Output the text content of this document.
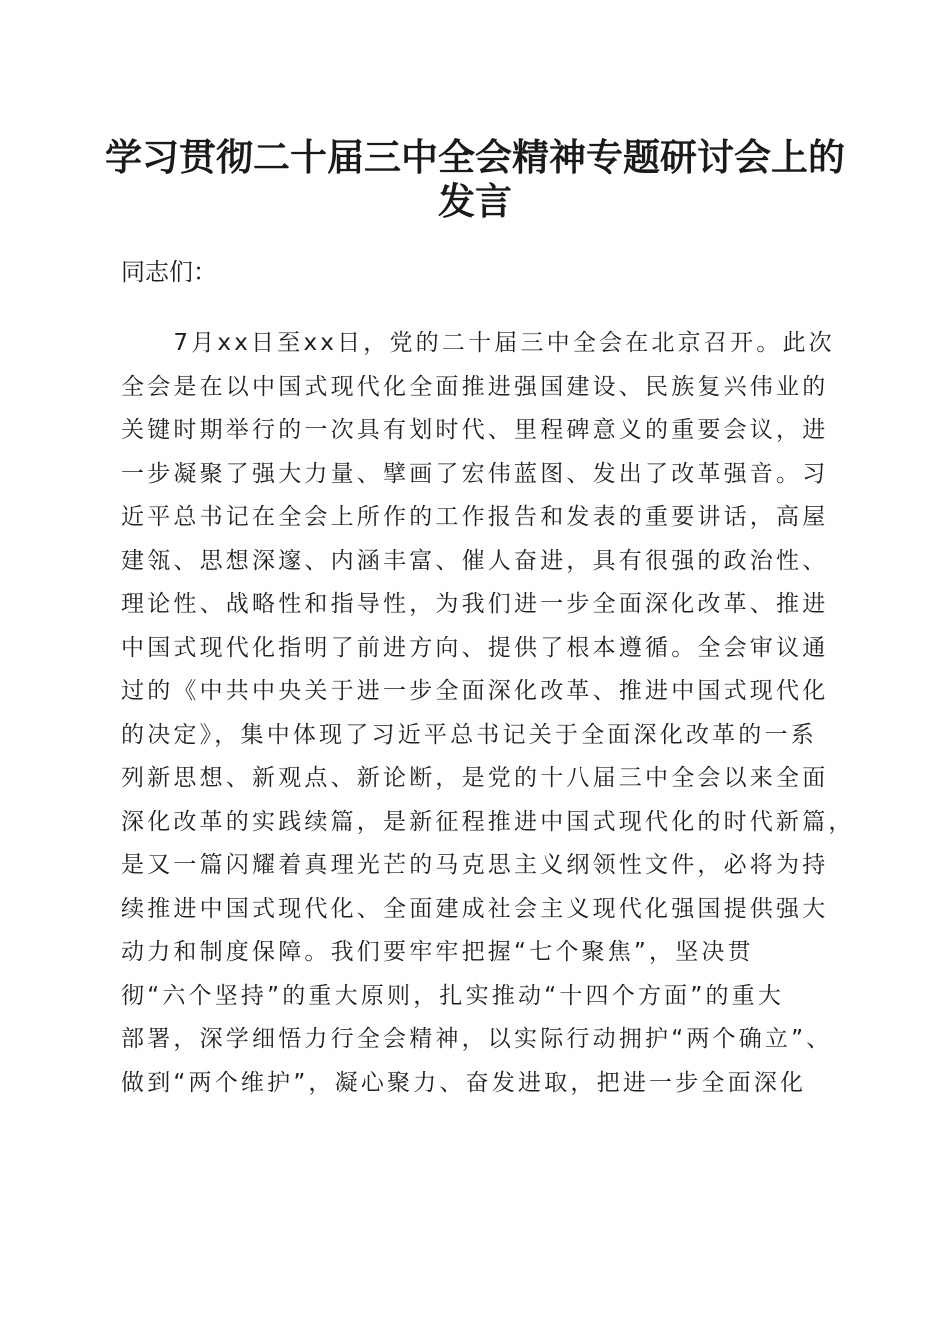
学习贯彻二十届三中全会精神专题研讨会上的
发言

同志们：

　　7月xx日至xx日，党的二十届三中全会在北京召开。此次
全会是在以中国式现代化全面推进强国建设、民族复兴伟业的
关键时期举行的一次具有划时代、里程碑意义的重要会议，进
一步凝聚了强大力量、擘画了宏伟蓝图、发出了改革强音。习
近平总书记在全会上所作的工作报告和发表的重要讲话，高屋
建瓴、思想深邃、内涵丰富、催人奋进，具有很强的政治性、
理论性、战略性和指导性，为我们进一步全面深化改革、推进
中国式现代化指明了前进方向、提供了根本遵循。全会审议通
过的《中共中央关于进一步全面深化改革、推进中国式现代化
的决定》，集中体现了习近平总书记关于全面深化改革的一系
列新思想、新观点、新论断，是党的十八届三中全会以来全面
深化改革的实践续篇，是新征程推进中国式现代化的时代新篇，
是又一篇闪耀着真理光芒的马克思主义纲领性文件，必将为持
续推进中国式现代化、全面建成社会主义现代化强国提供强大
动力和制度保障。我们要牢牢把握“七个聚焦”，坚决贯
彻“六个坚持”的重大原则，扎实推动“十四个方面”的重大
部署，深学细悟力行全会精神，以实际行动拥护“两个确立”、
做到“两个维护”，凝心聚力、奋发进取，把进一步全面深化
